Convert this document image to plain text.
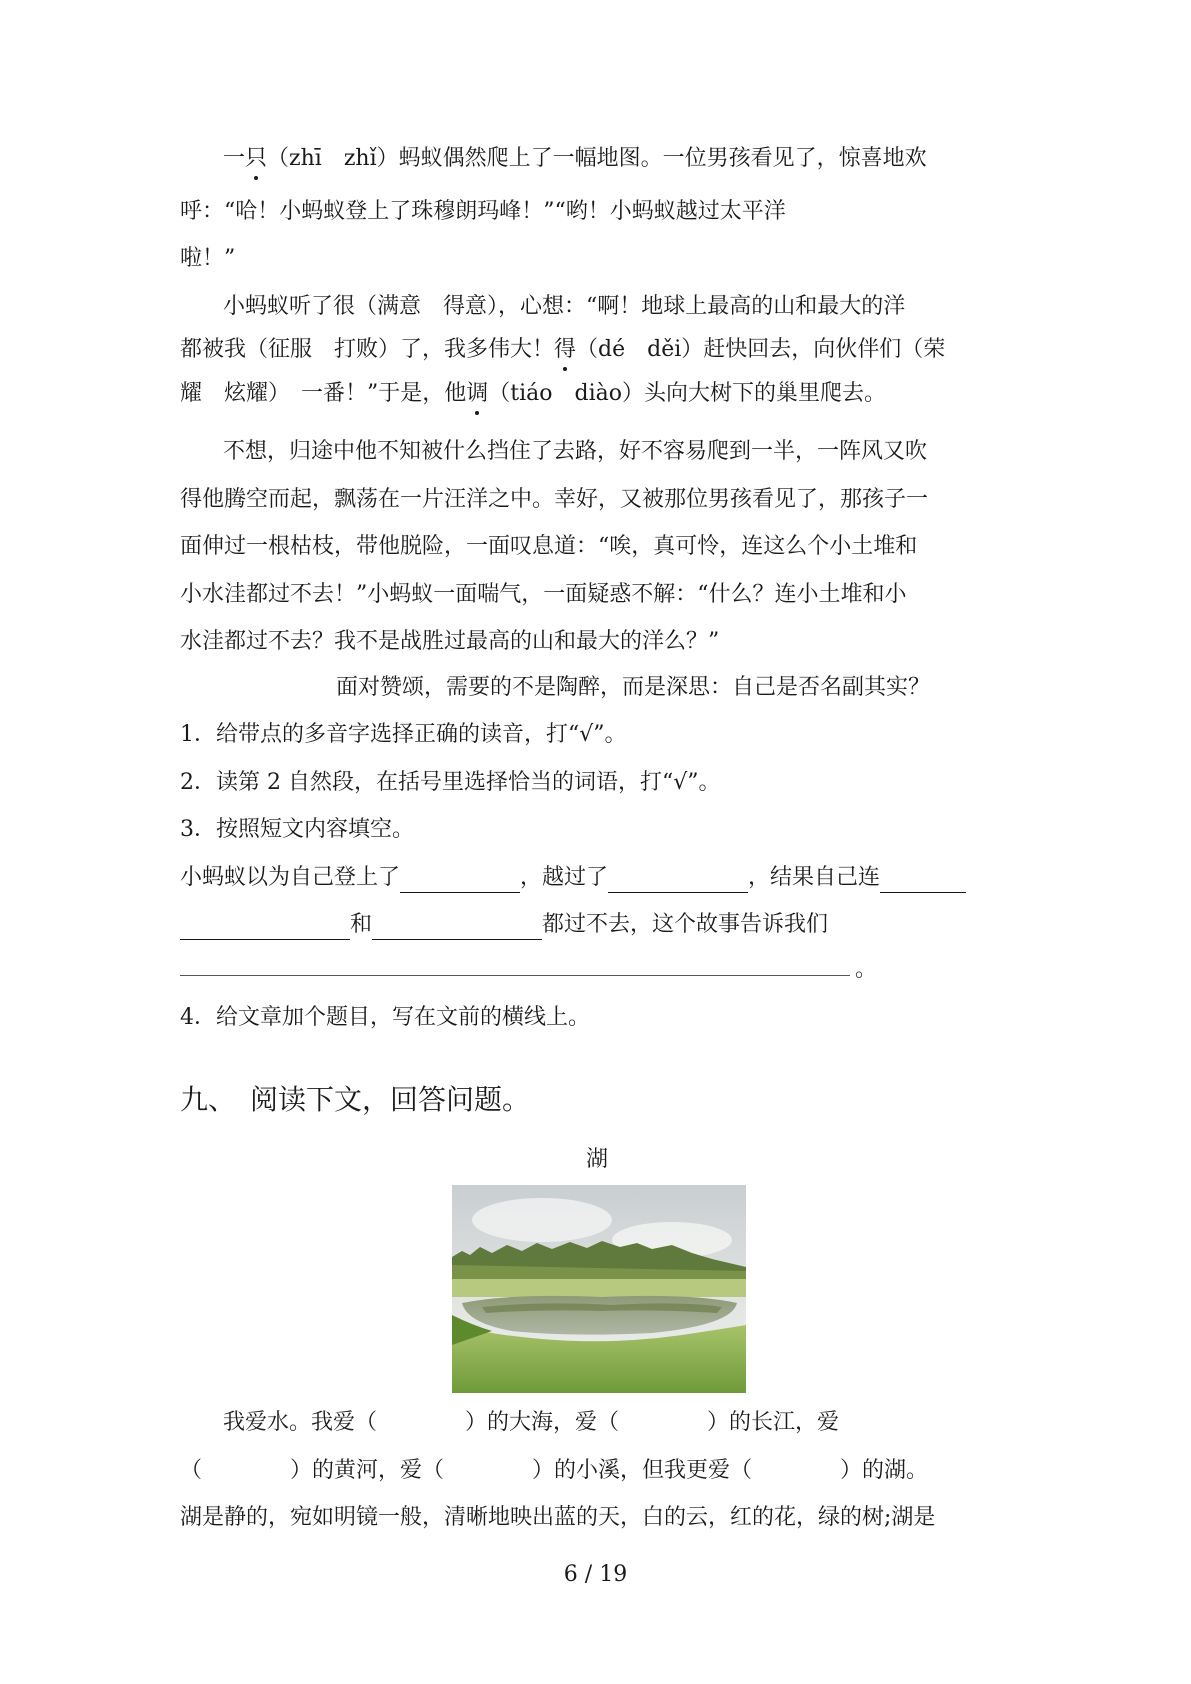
一只（zhī　zhǐ）蚂蚁偶然爬上了一幅地图。一位男孩看见了，惊喜地欢
呼：“哈！小蚂蚁登上了珠穆朗玛峰！”“哟！小蚂蚁越过太平洋
啦！”
小蚂蚁听了很（满意　得意），心想：“啊！地球上最高的山和最大的洋
都被我（征服　打败）了，我多伟大！得（dé　děi）赶快回去，向伙伴们（荣
耀　炫耀）　一番！”于是，他调（tiáo　diào）头向大树下的巢里爬去。
不想，归途中他不知被什么挡住了去路，好不容易爬到一半，一阵风又吹
得他腾空而起，飘荡在一片汪洋之中。幸好，又被那位男孩看见了，那孩子一
面伸过一根枯枝，带他脱险，一面叹息道：“唉，真可怜，连这么个小土堆和
小水洼都过不去！”小蚂蚁一面喘气，一面疑惑不解：“什么？连小土堆和小
水洼都过不去？我不是战胜过最高的山和最大的洋么？”
面对赞颂，需要的不是陶醉，而是深思：自己是否名副其实？
1．给带点的多音字选择正确的读音，打“√”。
2．读第 2 自然段，在括号里选择恰当的词语，打“√”。
3．按照短文内容填空。
小蚂蚁以为自己登上了	，越过了	，结果自己连
和	都过不去，这个故事告诉我们
。
4．给文章加个题目，写在文前的横线上。
九、　阅读下文，回答问题。
湖
我爱水。我爱（	）的大海，爱（	）的长江，爱
（	）的黄河，爱（	）的小溪，但我更爱（	）的湖。
湖是静的，宛如明镜一般，清晰地映出蓝的天，白的云，红的花，绿的树;湖是
6 / 19
